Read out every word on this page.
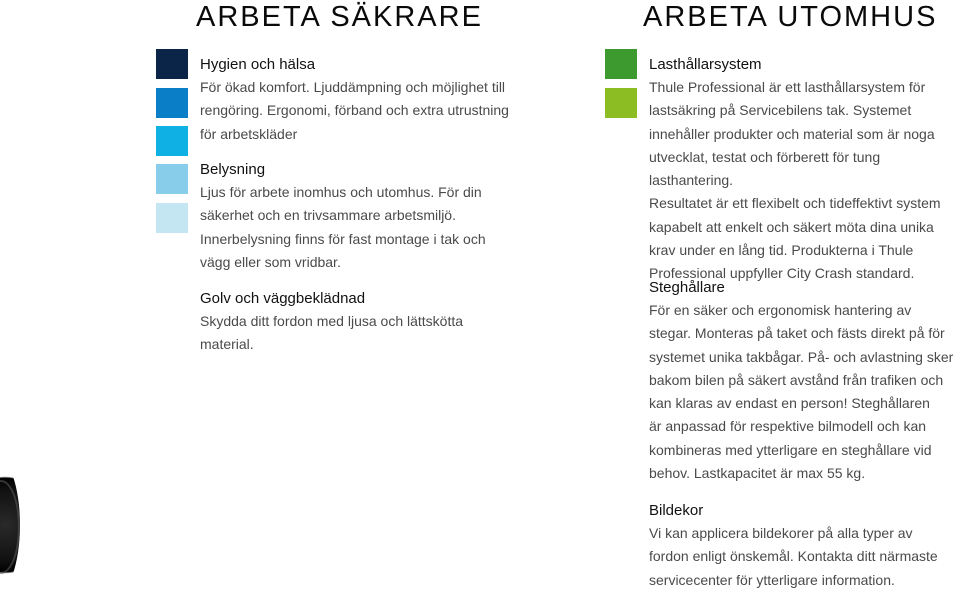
ARBETA SÄKRARE
Hygien och hälsa
För ökad komfort. Ljuddämpning och möjlighet till
rengöring. Ergonomi, förband och extra utrustning
för arbetskläder
Belysning
Ljus för arbete inomhus och utomhus. För din
säkerhet och en trivsammare arbetsmiljö.
Innerbelysning finns för fast montage i tak och
vägg eller som vridbar.
Golv och väggbeklädnad
Skydda ditt fordon med ljusa och lättskötta
material.
ARBETA UTOMHUS
Lasthållarsystem
Thule Professional är ett lasthållarsystem för
lastsäkring på Servicebilens tak. Systemet
innehåller produkter och material som är noga
utvecklat, testat och förberett för tung lasthantering.
Resultatet är ett flexibelt och tideffektivt system
kapabelt att enkelt och säkert möta dina unika
krav under en lång tid. Produkterna i Thule
Professional uppfyller City Crash standard.
Steghållare
För en säker och ergonomisk hantering av
stegar. Monteras på taket och fästs direkt på för
systemet unika takbågar. På- och avlastning sker
bakom bilen på säkert avstånd från trafiken och
kan klaras av endast en person! Steghållaren
är anpassad för respektive bilmodell och kan
kombineras med ytterligare en steghållare vid
behov. Lastkapacitet är max 55 kg.
Bildekor
Vi kan applicera bildekorer på alla typer av
fordon enligt önskemål. Kontakta ditt närmaste
servicecenter för ytterligare information.
